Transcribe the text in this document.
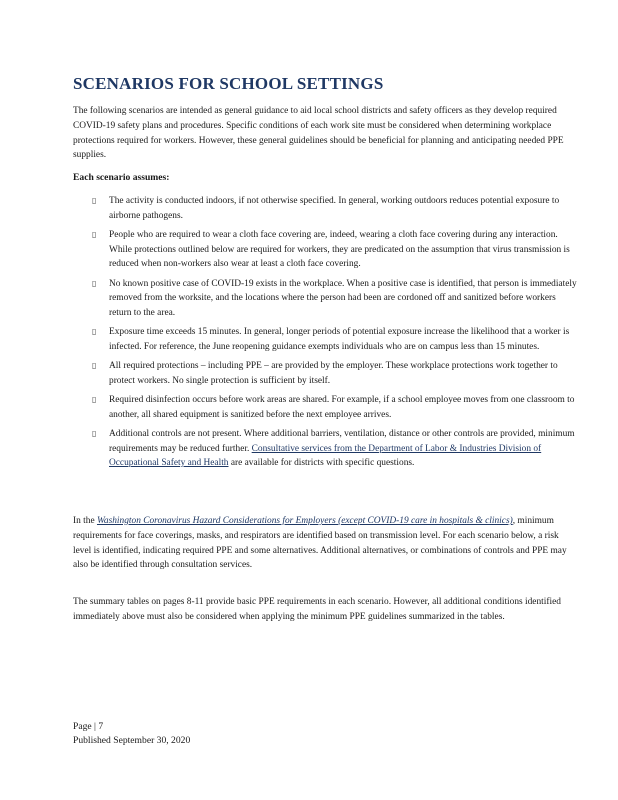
SCENARIOS FOR SCHOOL SETTINGS

The following scenarios are intended as general guidance to aid local school districts and safety officers as they develop required COVID-19 safety plans and procedures. Specific conditions of each work site must be considered when determining workplace protections required for workers. However, these general guidelines should be beneficial for planning and anticipating needed PPE supplies.

Each scenario assumes:

▯ The activity is conducted indoors, if not otherwise specified. In general, working outdoors reduces potential exposure to airborne pathogens.
▯ People who are required to wear a cloth face covering are, indeed, wearing a cloth face covering during any interaction. While protections outlined below are required for workers, they are predicated on the assumption that virus transmission is reduced when non-workers also wear at least a cloth face covering.
▯ No known positive case of COVID-19 exists in the workplace. When a positive case is identified, that person is immediately removed from the worksite, and the locations where the person had been are cordoned off and sanitized before workers return to the area.
▯ Exposure time exceeds 15 minutes. In general, longer periods of potential exposure increase the likelihood that a worker is infected. For reference, the June reopening guidance exempts individuals who are on campus less than 15 minutes.
▯ All required protections – including PPE – are provided by the employer. These workplace protections work together to protect workers. No single protection is sufficient by itself.
▯ Required disinfection occurs before work areas are shared. For example, if a school employee moves from one classroom to another, all shared equipment is sanitized before the next employee arrives.
▯ Additional controls are not present. Where additional barriers, ventilation, distance or other controls are provided, minimum requirements may be reduced further. Consultative services from the Department of Labor & Industries Division of Occupational Safety and Health are available for districts with specific questions.

In the Washington Coronavirus Hazard Considerations for Employers (except COVID-19 care in hospitals & clinics), minimum requirements for face coverings, masks, and respirators are identified based on transmission level. For each scenario below, a risk level is identified, indicating required PPE and some alternatives. Additional alternatives, or combinations of controls and PPE may also be identified through consultation services.

The summary tables on pages 8-11 provide basic PPE requirements in each scenario. However, all additional conditions identified immediately above must also be considered when applying the minimum PPE guidelines summarized in the tables.

Page | 7
Published September 30, 2020
